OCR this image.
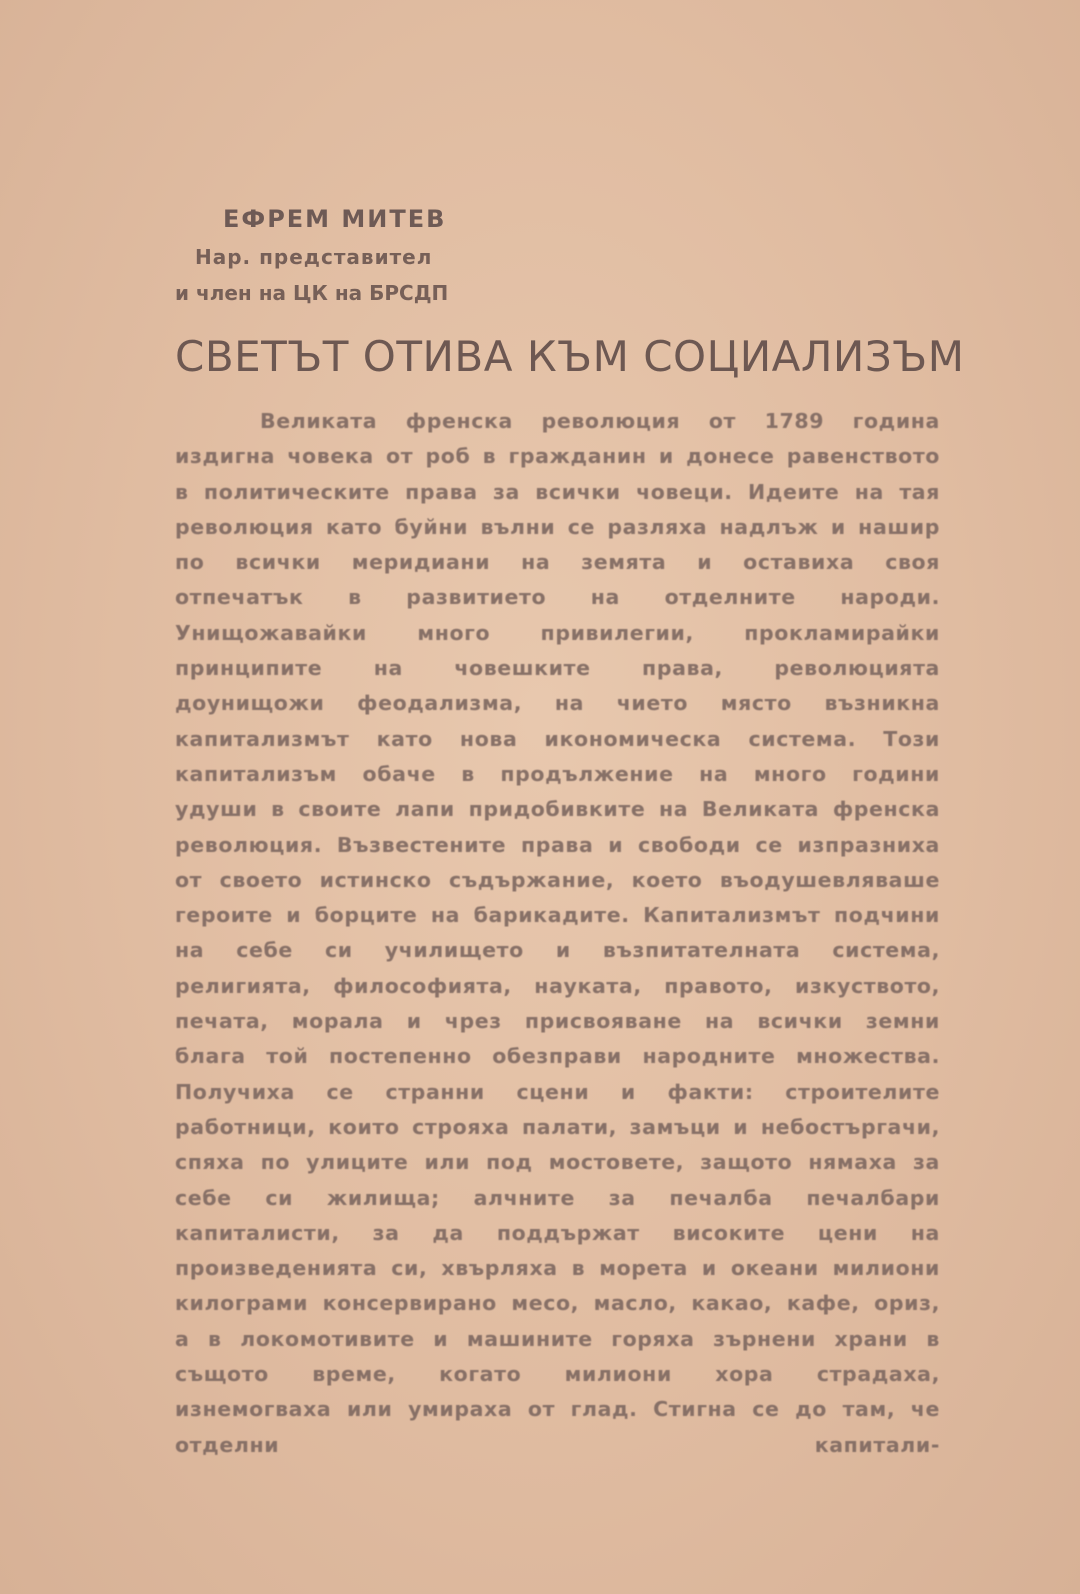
ЕФРЕМ МИТЕВ
Нар. представител
и член на ЦК на БРСДП
СВЕТЪТ ОТИВА КЪМ СОЦИАЛИЗЪМ
Великата френска революция от 1789 година издигна човека от роб в гражданин и донесе равенството в политическите права за всички човеци. Идеите на тая революция като буйни вълни се разляха надлъж и нашир по всички меридиани на земята и оставиха своя отпечатък в развитието на отделните народи. Унищожавайки много привилегии, прокламирайки принципите на човешките права, революцията доунищожи феодализма, на чието място възникна капитализмът като нова икономическа система. Този капитализъм обаче в продължение на много години удуши в своите лапи придобивките на Великата френска революция. Възвестените права и свободи се изпразниха от своето истинско съдържание, което въодушевляваше героите и борците на барикадите. Капитализмът подчини на себе си училището и възпитателната система, религията, философията, науката, правото, изкуството, печата, морала и чрез присвояване на всички земни блага той постепенно обезправи народните множества. Получиха се странни сцени и факти: строителите работници, които строяха палати, замъци и небостъргачи, спяха по улиците или под мостовете, защото нямаха за себе си жилища; алчните за печалба печалбари капиталисти, за да поддържат високите цени на произведенията си, хвърляха в морета и океани милиони килограми консервирано месо, масло, какао, кафе, ориз, а в локомотивите и машините горяха зърнени храни в същото време, когато милиони хора страдаха, изнемогваха или умираха от глад. Стигна се до там, че отделни капитали-
